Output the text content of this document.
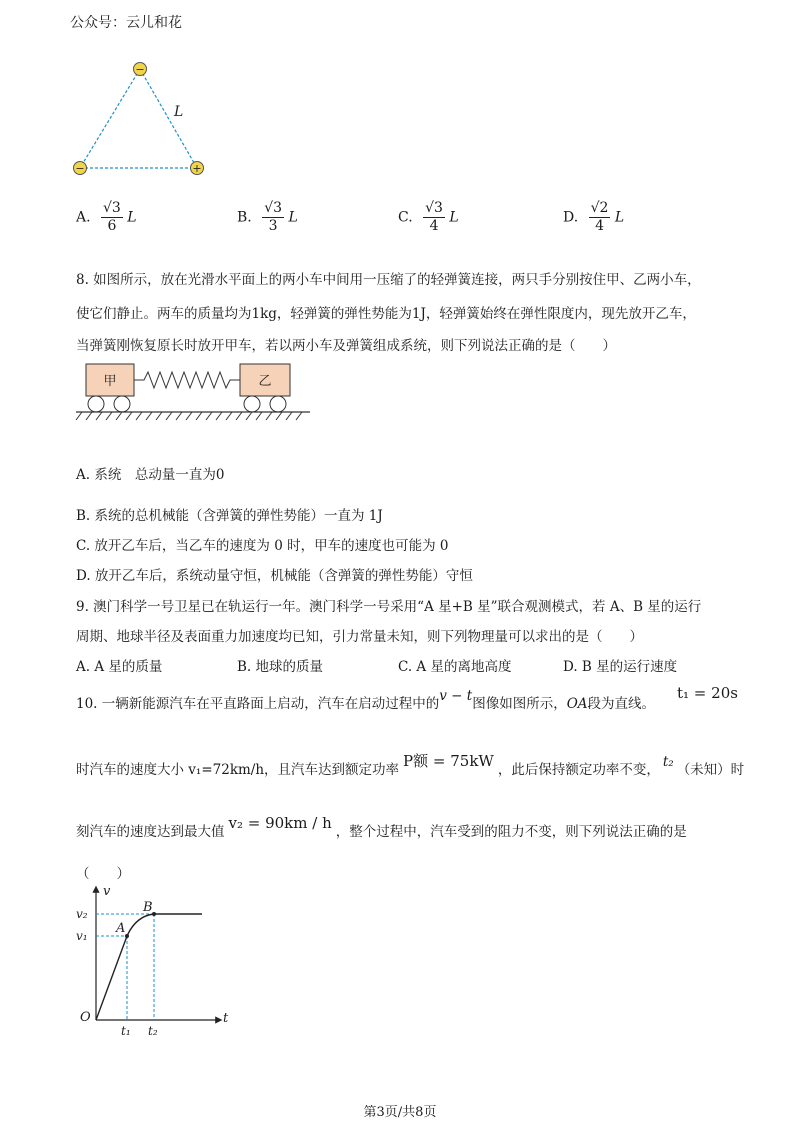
公众号：云儿和花
−
−	+
L
A. $\frac{√3}{6}$ L	B. $\frac{√3}{3}$ L	C. $\frac{√3}{4}$ L	D. $\frac{√2}{4}$ L
8. 如图所示，放在光滑水平面上的两小车中间用一压缩了的轻弹簧连接，两只手分别按住甲、乙两小车，
使它们静止。两车的质量均为1kg，轻弹簧的弹性势能为1J，轻弹簧始终在弹性限度内，现先放开乙车，
当弹簧刚恢复原长时放开甲车，若以两小车及弹簧组成系统，则下列说法正确的是（　　）
甲	乙
A. 系统　总动量一直为0
B. 系统的总机械能（含弹簧的弹性势能）一直为 1J
C. 放开乙车后，当乙车的速度为 0 时，甲车的速度也可能为 0
D. 放开乙车后，系统动量守恒，机械能（含弹簧的弹性势能）守恒
9. 澳门科学一号卫星已在轨运行一年。澳门科学一号采用“A 星+B 星”联合观测模式，若 A、B 星的运行
周期、地球半径及表面重力加速度均已知，引力常量未知，则下列物理量可以求出的是（　　）
A. A 星的质量	B. 地球的质量	C. A 星的离地高度	D. B 星的运行速度
10. 一辆新能源汽车在平直路面上启动，汽车在启动过程中的v − t图像如图所示，OA段为直线。
t₁ = 20s
时汽车的速度大小 v₁=72km/h，且汽车达到额定功率 P额 = 75kW ，此后保持额定功率不变， t₂ （未知）时
刻汽车的速度达到最大值 v₂ = 90km / h ，整个过程中，汽车受到的阻力不变，则下列说法正确的是
（　　）
v
t
O
A
B
v₂
v₁
t₁ t₂
第3页/共8页
